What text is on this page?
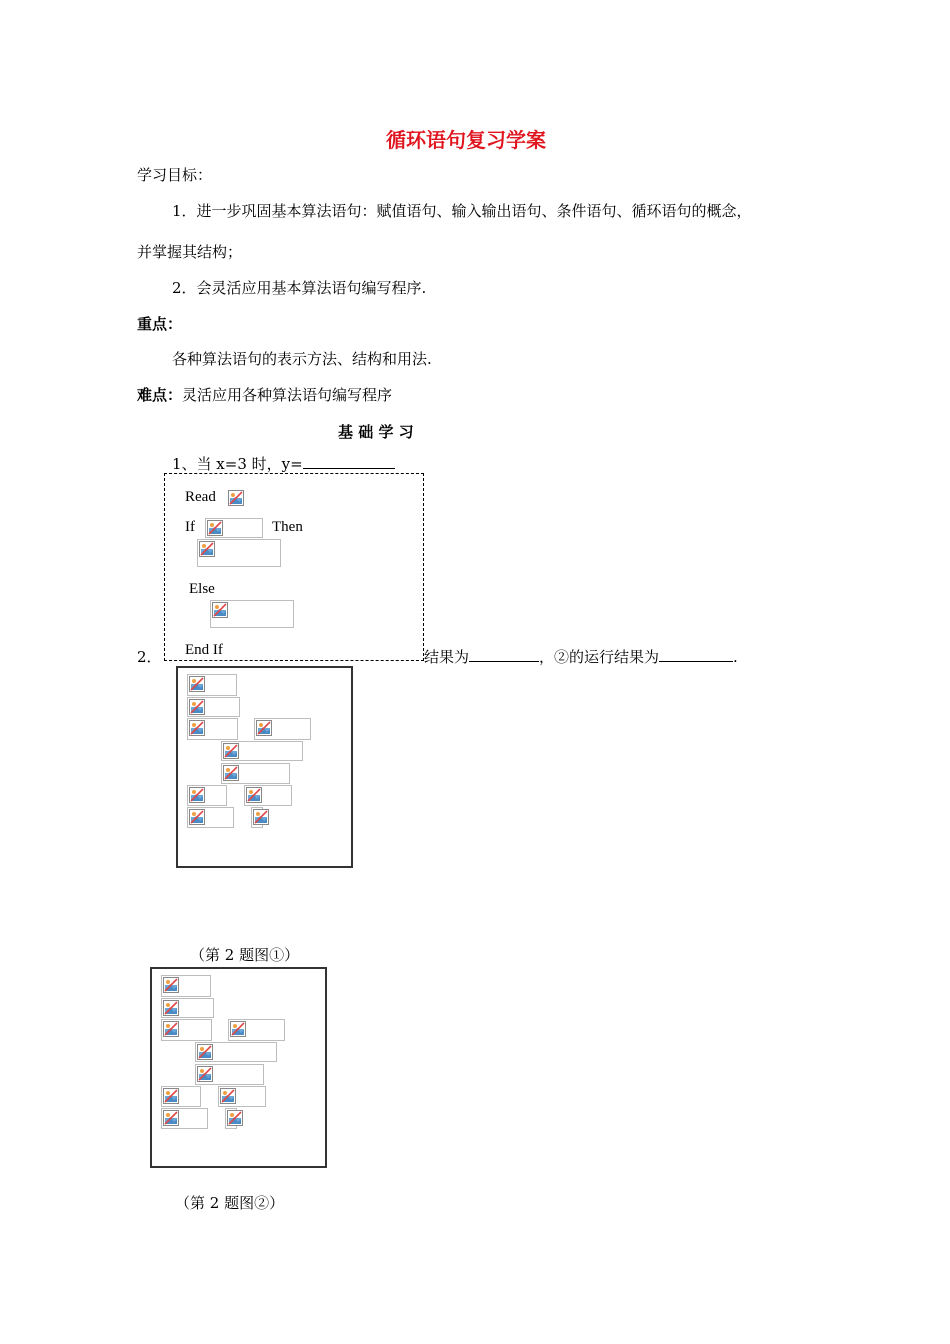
循环语句复习学案
学习目标：
1．进一步巩固基本算法语句：赋值语句、输入输出语句、条件语句、循环语句的概念，
并掌握其结构；
2．会灵活应用基本算法语句编写程序.
重点：
各种算法语句的表示方法、结构和用法.
难点：灵活应用各种算法语句编写程序
基 础 学 习
1、当 x=3 时，y=
Read
If	Then
Else
End If
2．	结果为	，②的运行结果为	.
（第 2 题图①）
（第 2 题图②）
